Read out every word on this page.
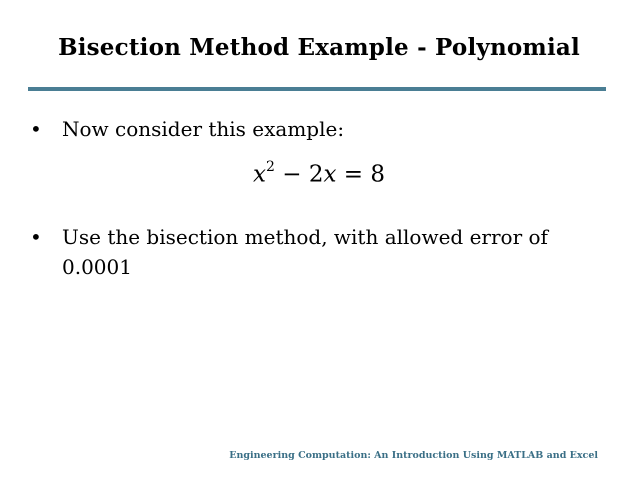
Bisection Method Example - Polynomial
• Now consider this example:
$x^2 - 2x = 8$
• Use the bisection method, with allowed error of 0.0001
Engineering Computation: An Introduction Using MATLAB and Excel
